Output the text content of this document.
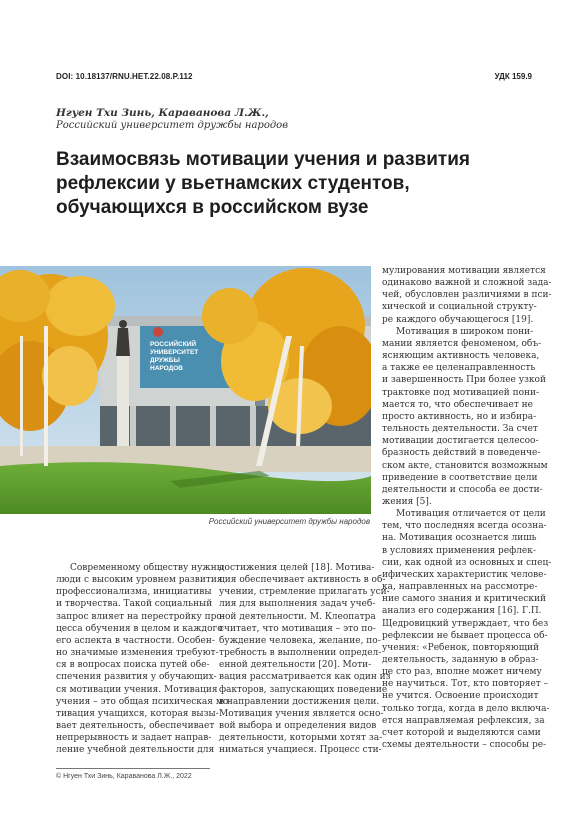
DOI: 10.18137/RNU.HET.22.08.P.112	УДК 159.9
Нгуен Тхи Зинь, Караванова Л.Ж.,
Российский университет дружбы народов
Взаимосвязь мотивации учения и развития
рефлексии у вьетнамских студентов,
обучающихся в российском вузе
РОССИЙСКИЙ
УНИВЕРСИТЕТ
ДРУЖБЫ
НАРОДОВ
Российский университет дружбы народов
Современному обществу нужны
люди с высоким уровнем развития
профессионализма, инициативы
и творчества. Такой социальный
запрос влияет на перестройку про-
цесса обучения в целом и каждого
его аспекта в частности. Особен-
но значимые изменения требуют-
ся в вопросах поиска путей обе-
спечения развития у обучающих-
ся мотивации учения. Мотивация
учения – это общая психическая мо-
тивация учащихся, которая вызы-
вает деятельность, обеспечивает
непрерывность и задает направ-
ление учебной деятельности для
достижения целей [18]. Мотива-
ция обеспечивает активность в об-
учении, стремление прилагать уси-
лия для выполнения задач учеб-
ной деятельности. М. Клеопатра
считает, что мотивация – это по-
буждение человека, желание, по-
требность в выполнении определ-
енной деятельности [20]. Моти-
вация рассматривается как один из
факторов, запускающих поведение
в направлении достижения цели.
Мотивация учения является осно-
вой выбора и определения видов
деятельности, которыми хотят за-
ниматься учащиеся. Процесс сти-
мулирования мотивации является
одинаково важной и сложной зада-
чей, обусловлен различиями в пси-
хической и социальной структу-
ре каждого обучающегося [19].
Мотивация в широком пони-
мании является феноменом, объ-
ясняющим активность человека,
а также ее целенаправленность
и завершенность При более узкой
трактовке под мотивацией пони-
мается то, что обеспечивает не
просто активность, но и избира-
тельность деятельности. За счет
мотивации достигается целесоо-
бразность действий в поведенче-
ском акте, становится возможным
приведение в соответствие цели
деятельности и способа ее дости-
жения [5].
Мотивация отличается от цели
тем, что последняя всегда осозна-
на. Мотивация осознается лишь
в условиях применения рефлек-
сии, как одной из основных и спец-
ифических характеристик челове-
ка, направленных на рассмотре-
ние самого знания и критический
анализ его содержания [16]. Г.П.
Щедровицкий утверждает, что без
рефлексии не бывает процесса об-
учения: «Ребенок, повторяющий
деятельность, заданную в образ-
це сто раз, вполне может ничему
не научиться. Тот, кто повторяет –
не учится. Освоение происходит
только тогда, когда в дело включа-
ется направляемая рефлексия, за
счет которой и выделяются сами
схемы деятельности – способы ре-
© Нгуен Тхи Зинь, Караванова Л.Ж., 2022
